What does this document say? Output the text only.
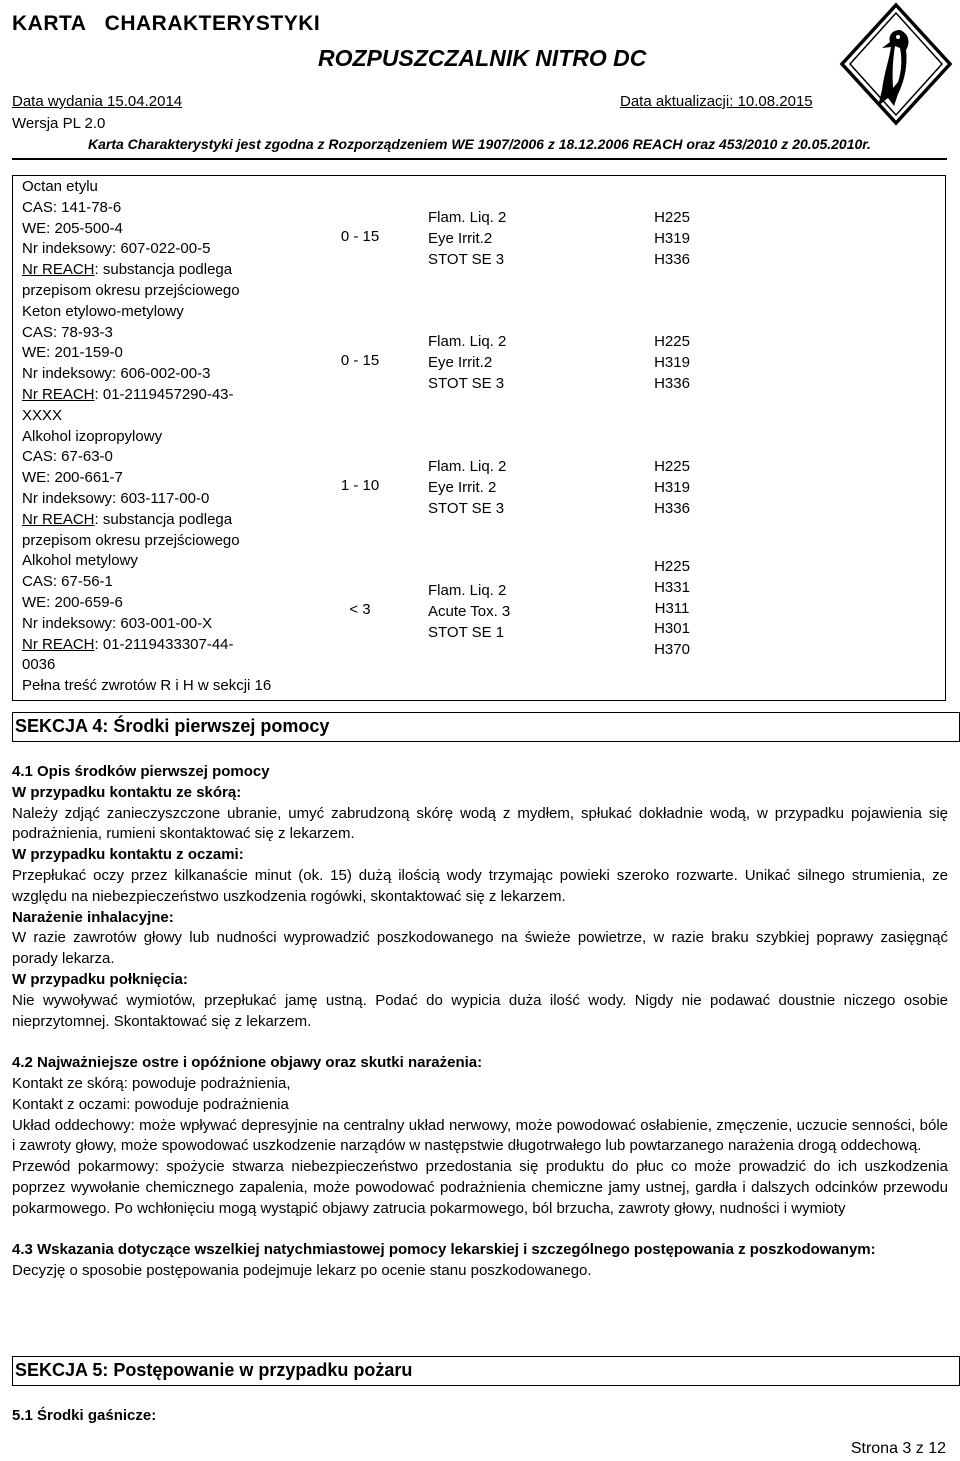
KARTA   CHARAKTERYSTYKI
ROZPUSZCZALNIK NITRO DC
Data wydania 15.04.2014	Data aktualizacji: 10.08.2015
Wersja PL 2.0
Karta Charakterystyki jest zgodna z Rozporządzeniem WE 1907/2006 z 18.12.2006 REACH oraz 453/2010 z 20.05.2010r.
Octan etylu
CAS: 141-78-6
WE: 205-500-4
Nr indeksowy: 607-022-00-5
Nr REACH: substancja podlega
przepisom okresu przejściowego
Keton etylowo-metylowy
CAS: 78-93-3
WE: 201-159-0
Nr indeksowy: 606-002-00-3
Nr REACH: 01-2119457290-43-
XXXX
Alkohol izopropylowy
CAS: 67-63-0
WE: 200-661-7
Nr indeksowy: 603-117-00-0
Nr REACH: substancja podlega
przepisom okresu przejściowego
Alkohol metylowy
CAS: 67-56-1
WE: 200-659-6
Nr indeksowy: 603-001-00-X
Nr REACH: 01-2119433307-44-
0036
Pełna treść zwrotów R i H w sekcji 16
0 - 15
0 - 15
1 - 10
< 3
Flam. Liq. 2
Eye Irrit.2
STOT SE 3
Flam. Liq. 2
Eye Irrit.2
STOT SE 3
Flam. Liq. 2
Eye Irrit. 2
STOT SE 3
Flam. Liq. 2
Acute Tox. 3
STOT SE 1
H225
H319
H336
H225
H319
H336
H225
H319
H336
H225
H331
H311
H301
H370
SEKCJA 4: Środki pierwszej pomocy

4.1 Opis środków pierwszej pomocy

W przypadku kontaktu ze skórą:

Należy zdjąć zanieczyszczone ubranie, umyć zabrudzoną skórę wodą z mydłem, spłukać dokładnie wodą, w przypadku pojawienia się podrażnienia, rumieni skontaktować się z lekarzem.

W przypadku kontaktu z oczami:

Przepłukać oczy przez kilkanaście minut (ok. 15) dużą ilością wody trzymając powieki szeroko rozwarte. Unikać silnego strumienia, ze względu na niebezpieczeństwo uszkodzenia rogówki, skontaktować się z lekarzem.

Narażenie inhalacyjne:

W razie zawrotów głowy lub nudności wyprowadzić poszkodowanego na świeże powietrze, w razie braku szybkiej poprawy zasięgnąć porady lekarza.

W przypadku połknięcia:

Nie wywoływać wymiotów, przepłukać jamę ustną. Podać do wypicia duża ilość wody. Nigdy nie podawać doustnie niczego osobie nieprzytomnej. Skontaktować się z lekarzem.

4.2 Najważniejsze ostre i opóźnione objawy oraz skutki narażenia:

Kontakt ze skórą: powoduje podrażnienia,

Kontakt z oczami: powoduje podrażnienia

Układ oddechowy: może wpływać depresyjnie na centralny układ nerwowy, może powodować osłabienie, zmęczenie, uczucie senności, bóle i zawroty głowy, może spowodować uszkodzenie narządów w następstwie długotrwałego lub powtarzanego narażenia drogą oddechową.

Przewód pokarmowy: spożycie stwarza niebezpieczeństwo przedostania się produktu do płuc co może prowadzić do ich uszkodzenia poprzez wywołanie chemicznego zapalenia, może powodować podrażnienia chemiczne jamy ustnej, gardła i dalszych odcinków przewodu pokarmowego. Po wchłonięciu mogą wystąpić objawy zatrucia pokarmowego, ból brzucha, zawroty głowy, nudności i wymioty

4.3 Wskazania dotyczące wszelkiej natychmiastowej pomocy lekarskiej i szczególnego postępowania z poszkodowanym:

Decyzję o sposobie postępowania podejmuje lekarz po ocenie stanu poszkodowanego.

SEKCJA 5: Postępowanie w przypadku pożaru
5.1 Środki gaśnicze:
Strona 3 z 12
